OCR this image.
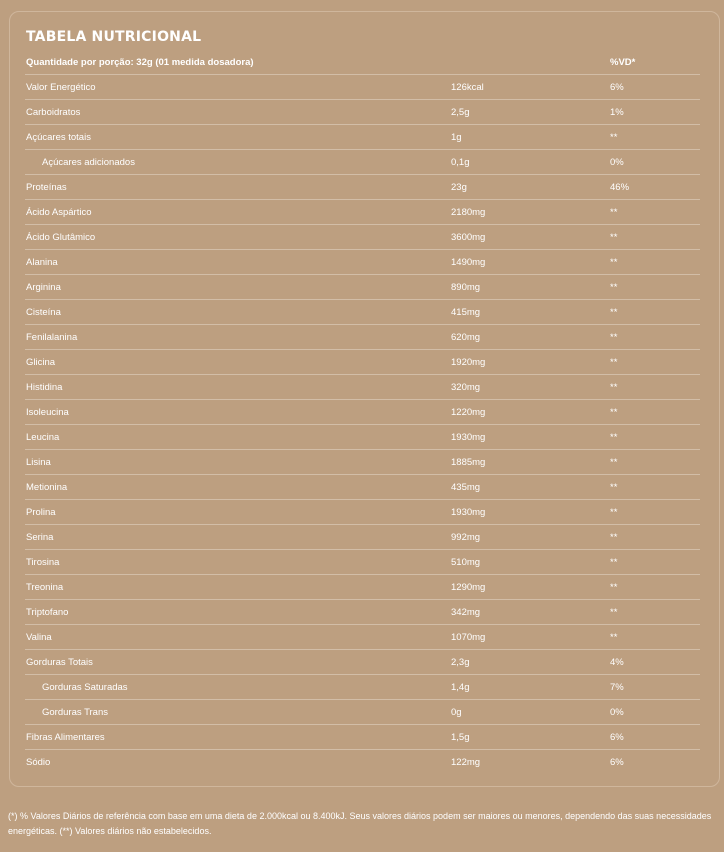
TABELA NUTRICIONAL
Quantidade por porção: 32g (01 medida dosadora)	%VD*
Valor Energético	126kcal	6%
Carboidratos	2,5g	1%
Açúcares totais	1g	**
Açúcares adicionados	0,1g	0%
Proteínas	23g	46%
Ácido Aspártico	2180mg	**
Ácido Glutâmico	3600mg	**
Alanina	1490mg	**
Arginina	890mg	**
Cisteína	415mg	**
Fenilalanina	620mg	**
Glicina	1920mg	**
Histidina	320mg	**
Isoleucina	1220mg	**
Leucina	1930mg	**
Lisina	1885mg	**
Metionina	435mg	**
Prolina	1930mg	**
Serina	992mg	**
Tirosina	510mg	**
Treonina	1290mg	**
Triptofano	342mg	**
Valina	1070mg	**
Gorduras Totais	2,3g	4%
Gorduras Saturadas	1,4g	7%
Gorduras Trans	0g	0%
Fibras Alimentares	1,5g	6%
Sódio	122mg	6%
(*) % Valores Diários de referência com base em uma dieta de 2.000kcal ou 8.400kJ. Seus valores diários podem ser maiores ou menores, dependendo das suas necessidades energéticas. (**) Valores diários não estabelecidos.
